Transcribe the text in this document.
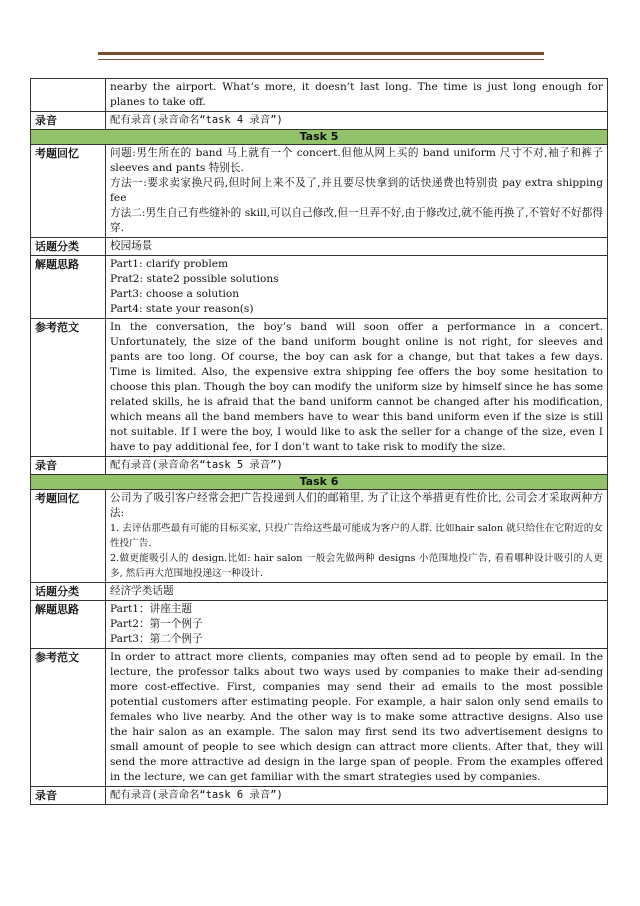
	nearby the airport. What’s more, it doesn’t last long. The time is just long enough for planes to take off.
录音	配有录音(录音命名“task 4 录音”)
Task 5	
考题回忆	问题:男生所在的 band 马上就有一个 concert.但他从网上买的 band uniform 尺寸不对,袖子和裤子 sleeves and pants 特别长.
方法一:要求卖家换尺码,但时间上来不及了,并且要尽快拿到的话快递费也特别贵 pay extra shipping fee
方法二:男生自己有些缝补的 skill,可以自己修改,但一旦弄不好,由于修改过,就不能再换了,不管好不好都得穿.

话题分类	校园场景
解题思路	Part1: clarify problem
Prat2: state2 possible solutions
Part3: choose a solution
Part4: state your reason(s)

参考范文	In the conversation, the boy’s band will soon offer a performance in a concert. Unfortunately, the size of the band uniform bought online is not right, for sleeves and pants are too long. Of course, the boy can ask for a change, but that takes a few days. Time is limited. Also, the expensive extra shipping fee offers the boy some hesitation to choose this plan. Though the boy can modify the uniform size by himself since he has some related skills, he is afraid that the band uniform cannot be changed after his modification, which means all the band members have to wear this band uniform even if the size is still not suitable. If I were the boy, I would like to ask the seller for a change of the size, even I have to pay additional fee, for I don’t want to take risk to modify the size.
录音	配有录音(录音命名“task 5 录音”)
Task 6	
考题回忆	公司为了吸引客户经常会把广告投递到人们的邮箱里, 为了让这个举措更有性价比, 公司会才采取两种方法:
1. 去评估那些最有可能的目标买家, 只投广告给这些最可能成为客户的人群. 比如hair salon 就只给住在它附近的女性投广告.
2.做更能吸引人的 design.比如: hair salon 一般会先做两种 designs 小范围地投广告, 看看哪种设计吸引的人更多, 然后再大范围地投递这一种设计.

话题分类	经济学类话题
解题思路	Part1：讲座主题
Part2：第一个例子
Part3：第二个例子

参考范文	In order to attract more clients, companies may often send ad to people by email. In the lecture, the professor talks about two ways used by companies to make their ad-sending more cost-effective. First, companies may send their ad emails to the most possible potential customers after estimating people. For example, a hair salon only send emails to females who live nearby. And the other way is to make some attractive designs. Also use the hair salon as an example. The salon may first send its two advertisement designs to small amount of people to see which design can attract more clients. After that, they will send the more attractive ad design in the large span of people. From the examples offered in the lecture, we can get familiar with the smart strategies used by companies.
录音	配有录音(录音命名“task 6 录音”)
